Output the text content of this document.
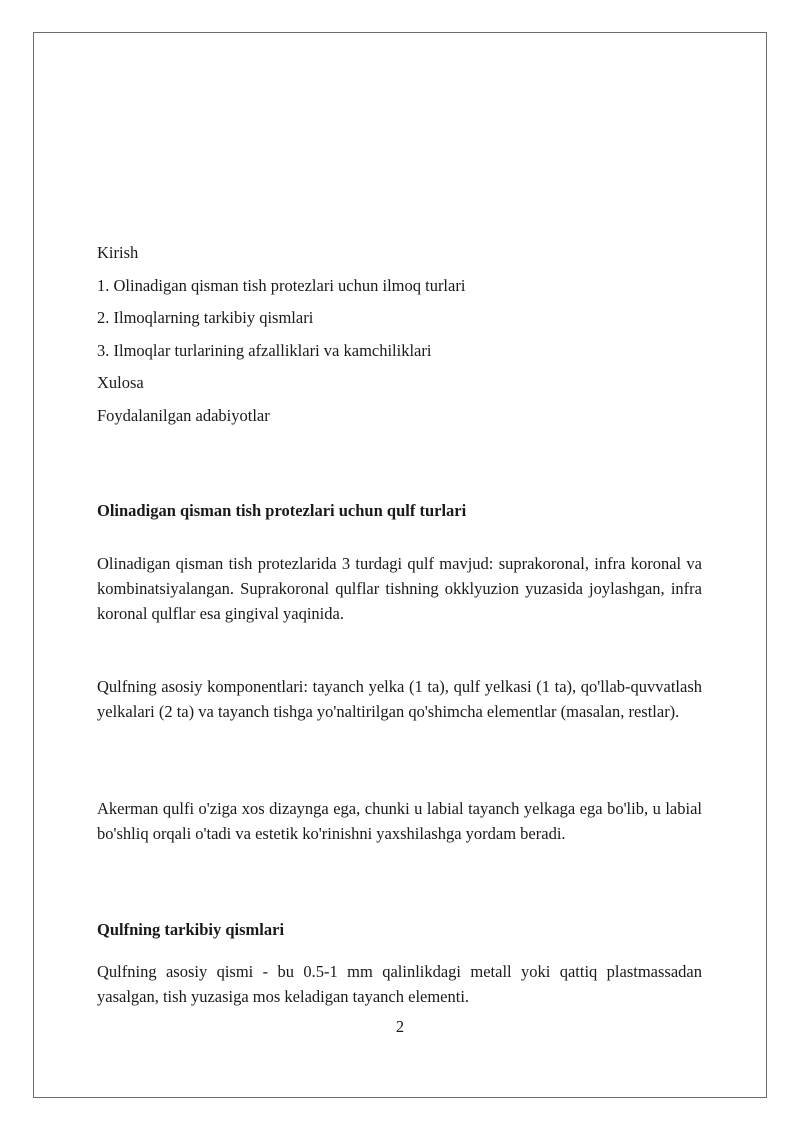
Kirish
1. Olinadigan qisman tish protezlari uchun ilmoq turlari
2. Ilmoqlarning tarkibiy qismlari
3. Ilmoqlar turlarining afzalliklari va kamchiliklari
Xulosa
Foydalanilgan adabiyotlar
Olinadigan qisman tish protezlari uchun qulf turlari
Olinadigan qisman tish protezlarida 3 turdagi qulf mavjud: suprakoronal, infra koronal va kombinatsiyalangan. Suprakoronal qulflar tishning okklyuzion yuzasida joylashgan, infra koronal qulflar esa gingival yaqinida.
Qulfning asosiy komponentlari: tayanch yelka (1 ta), qulf yelkasi (1 ta), qo'llab-quvvatlash yelkalari (2 ta) va tayanch tishga yo'naltirilgan qo'shimcha elementlar (masalan, restlar).
Akerman qulfi o'ziga xos dizaynga ega, chunki u labial tayanch yelkaga ega bo'lib, u labial bo'shliq orqali o'tadi va estetik ko'rinishni yaxshilashga yordam beradi.
Qulfning tarkibiy qismlari
Qulfning asosiy qismi - bu 0.5-1 mm qalinlikdagi metall yoki qattiq plastmassadan yasalgan, tish yuzasiga mos keladigan tayanch elementi.
2
